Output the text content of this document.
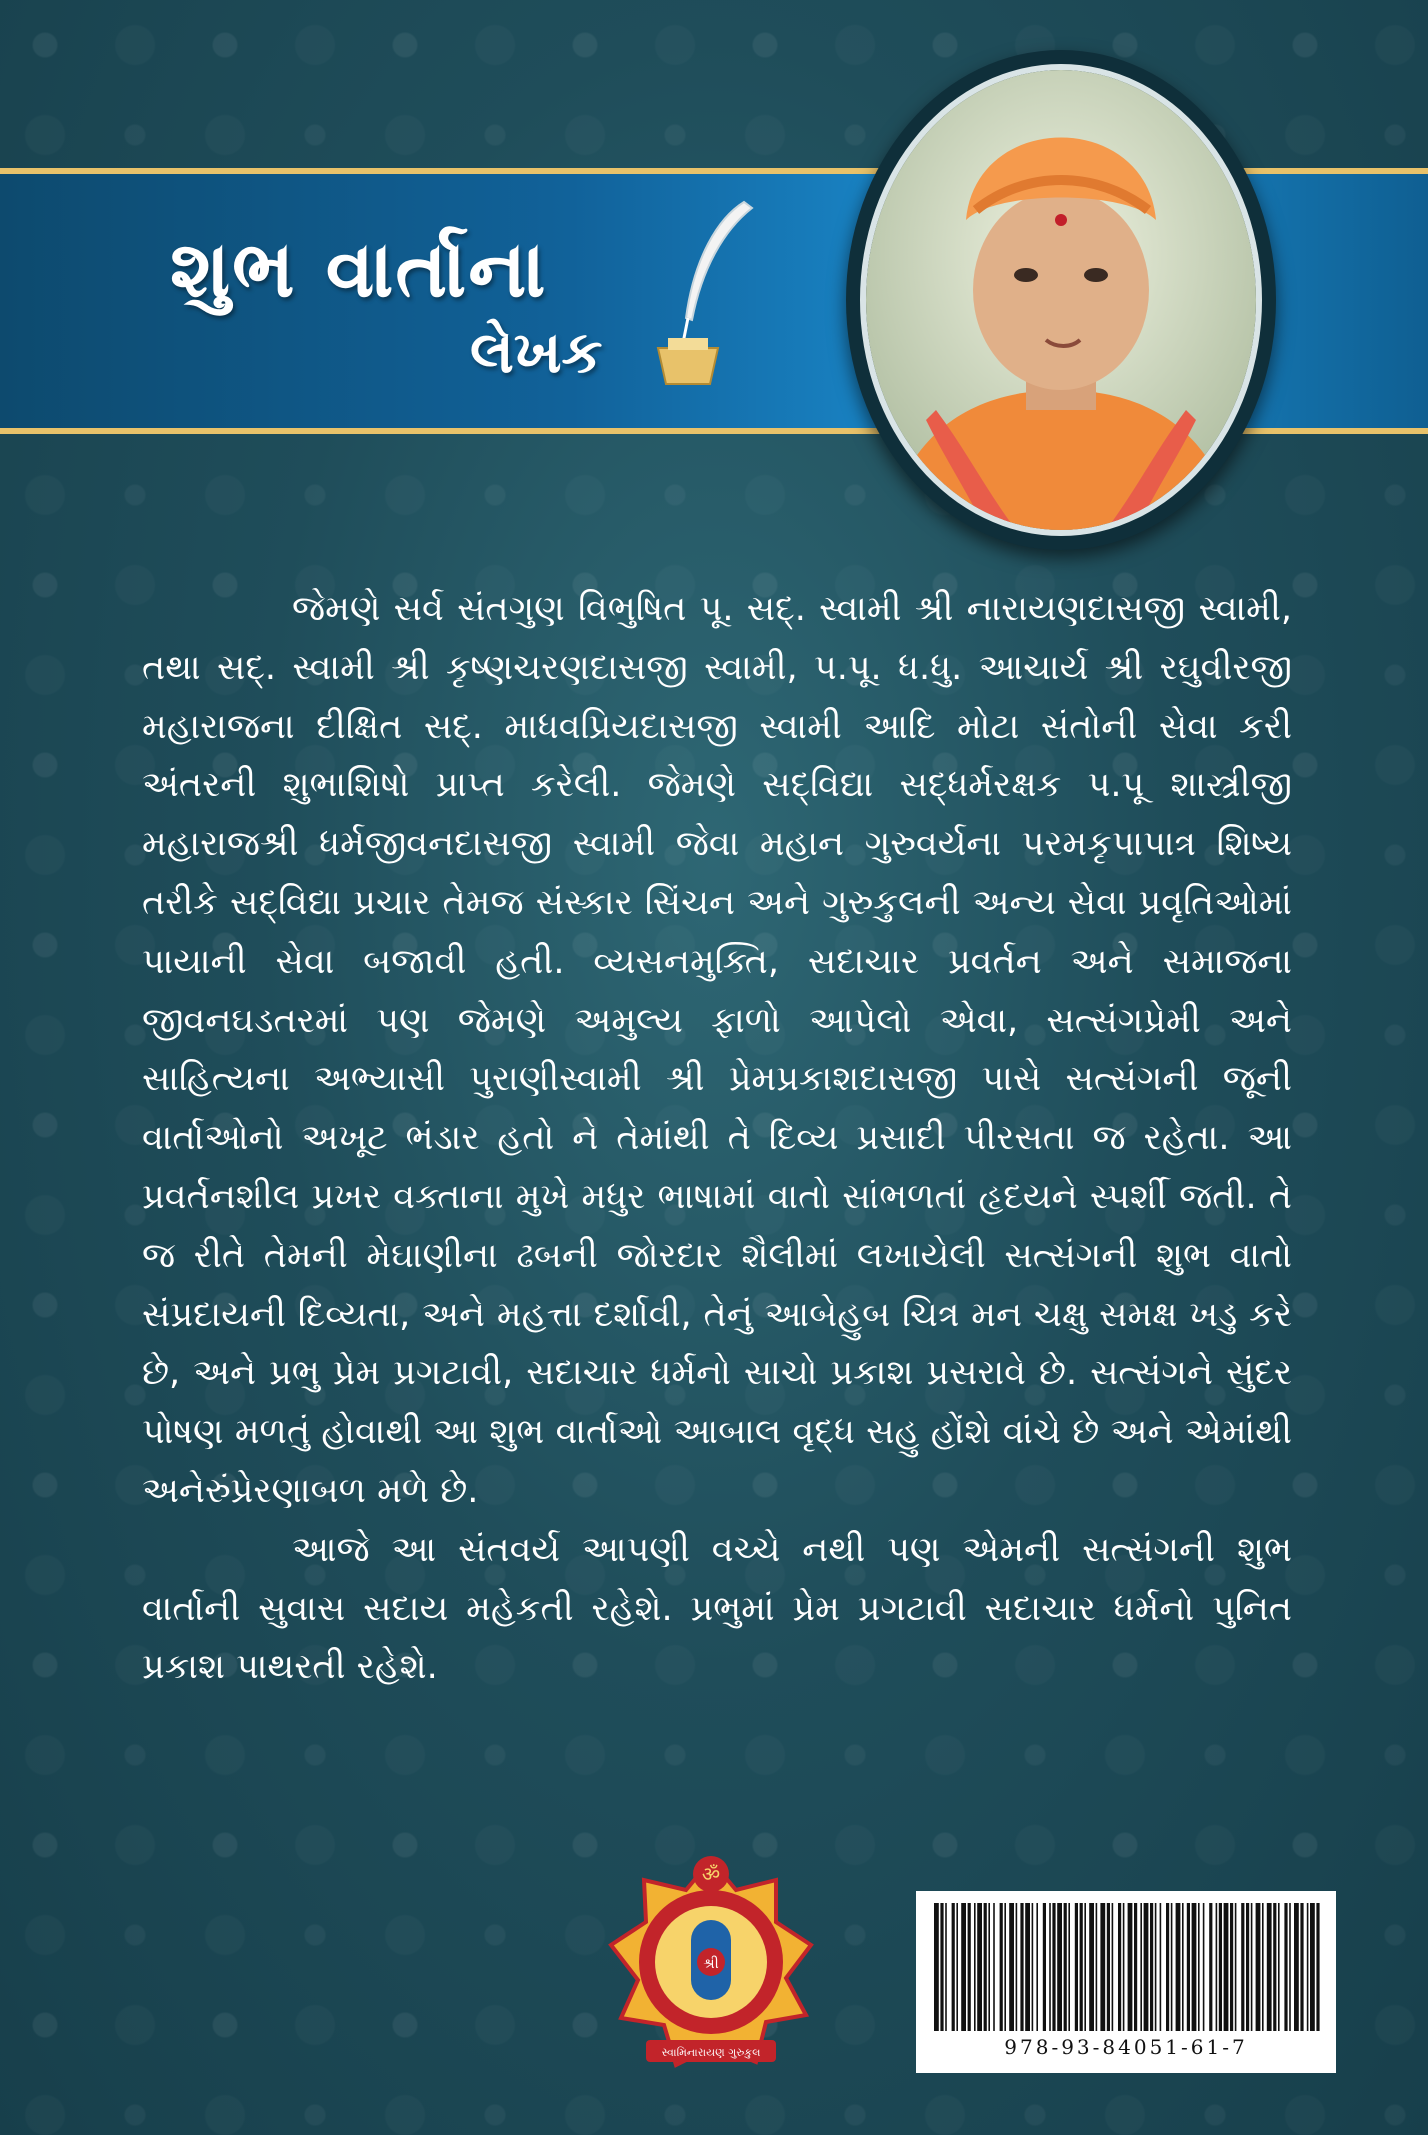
શુભ વાર્તાના
લેખક

જેમણે સર્વ સંતગુણ વિભુષિત પૂ. સદ્. સ્વામી શ્રી નારાયણદાસજી સ્વામી, તથા સદ્. સ્વામી શ્રી કૃષ્ણચરણદાસજી સ્વામી, પ.પૂ. ધ.ધુ. આચાર્ય શ્રી રઘુવીરજી મહારાજના દીક્ષિત સદ્. માધવપ્રિયદાસજી સ્વામી આદિ મોટા સંતોની સેવા કરી અંતરની શુભાશિષો પ્રાપ્ત કરેલી. જેમણે સદ્‌વિદ્યા સદ્ધર્મરક્ષક પ.પૂ શાસ્ત્રીજી મહારાજશ્રી ધર્મજીવનદાસજી સ્વામી જેવા મહાન ગુરુવર્યના પરમકૃપાપાત્ર શિષ્ય તરીકે સદ્‌વિદ્યા પ્રચાર તેમજ સંસ્કાર સિંચન અને ગુરુકુલની અન્ય સેવા પ્રવૃતિઓમાં પાયાની સેવા બજાવી હતી. વ્યસનમુક્તિ, સદાચાર પ્રવર્તન અને સમાજના જીવનઘડતરમાં પણ જેમણે અમુલ્ય ફાળો આપેલો એવા, સત્સંગપ્રેમી અને સાહિત્યના અભ્યાસી પુરાણીસ્વામી શ્રી પ્રેમપ્રકાશદાસજી પાસે સત્સંગની જૂની વાર્તાઓનો અખૂટ ભંડાર હતો ને તેમાંથી તે દિવ્ય પ્રસાદી પીરસતા જ રહેતા. આ પ્રવર્તનશીલ પ્રખર વક્તાના મુખે મધુર ભાષામાં વાતો સાંભળતાં હૃદયને સ્પર્શી જતી. તે જ રીતે તેમની મેઘાણીના ઢબની જોરદાર શૈલીમાં લખાયેલી સત્સંગની શુભ વાતો સંપ્રદાયની દિવ્યતા, અને મહત્તા દર્શાવી, તેનું આબેહુબ ચિત્ર મન ચક્ષુ સમક્ષ ખડુ કરે છે, અને પ્રભુ પ્રેમ પ્રગટાવી, સદાચાર ધર્મનો સાચો પ્રકાશ પ્રસરાવે છે. સત્સંગને સુંદર પોષણ મળતું હોવાથી આ શુભ વાર્તાઓ આબાલ વૃદ્ધ સહુ હોંશે વાંચે છે અને એમાંથી અનેરુંપ્રેરણાબળ મળે છે.

આજે આ સંતવર્ય આપણી વચ્ચે નથી પણ એમની સત્સંગની શુભ વાર્તાની સુવાસ સદાય મહેકતી રહેશે. પ્રભુમાં પ્રેમ પ્રગટાવી સદાચાર ધર્મનો પુનિત પ્રકાશ પાથરતી રહેશે.

શ્રી
ॐ
સ્વામિનારાયણ ગુરુકુલ	978-93-84051-61-7
